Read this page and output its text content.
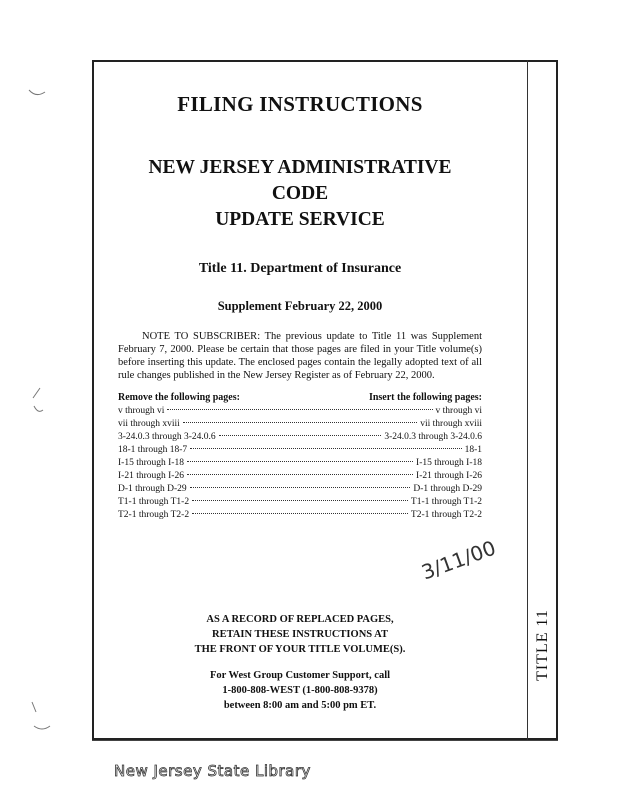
TITLE 11
FILING INSTRUCTIONS
NEW JERSEY ADMINISTRATIVE CODE
UPDATE SERVICE
Title 11. Department of Insurance
Supplement February 22, 2000
NOTE TO SUBSCRIBER: The previous update to Title 11 was Supplement February 7, 2000. Please be certain that those pages are filed in your Title volume(s) before inserting this update. The enclosed pages contain the legally adopted text of all rule changes published in the New Jersey Register as of February 22, 2000.
Remove the following pages:	Insert the following pages:
v through vi	v through vi
vii through xviii	vii through xviii
3-24.0.3 through 3-24.0.6	3-24.0.3 through 3-24.0.6
18-1 through 18-7	18-1
I-15 through I-18	I-15 through I-18
I-21 through I-26	I-21 through I-26
D-1 through D-29	D-1 through D-29
T1-1 through T1-2	T1-1 through T1-2
T2-1 through T2-2	T2-1 through T2-2
3/11/00
AS A RECORD OF REPLACED PAGES,
RETAIN THESE INSTRUCTIONS AT
THE FRONT OF YOUR TITLE VOLUME(S).
For West Group Customer Support, call
1-800-808-WEST (1-800-808-9378)
between 8:00 am and 5:00 pm ET.
New Jersey State Library
